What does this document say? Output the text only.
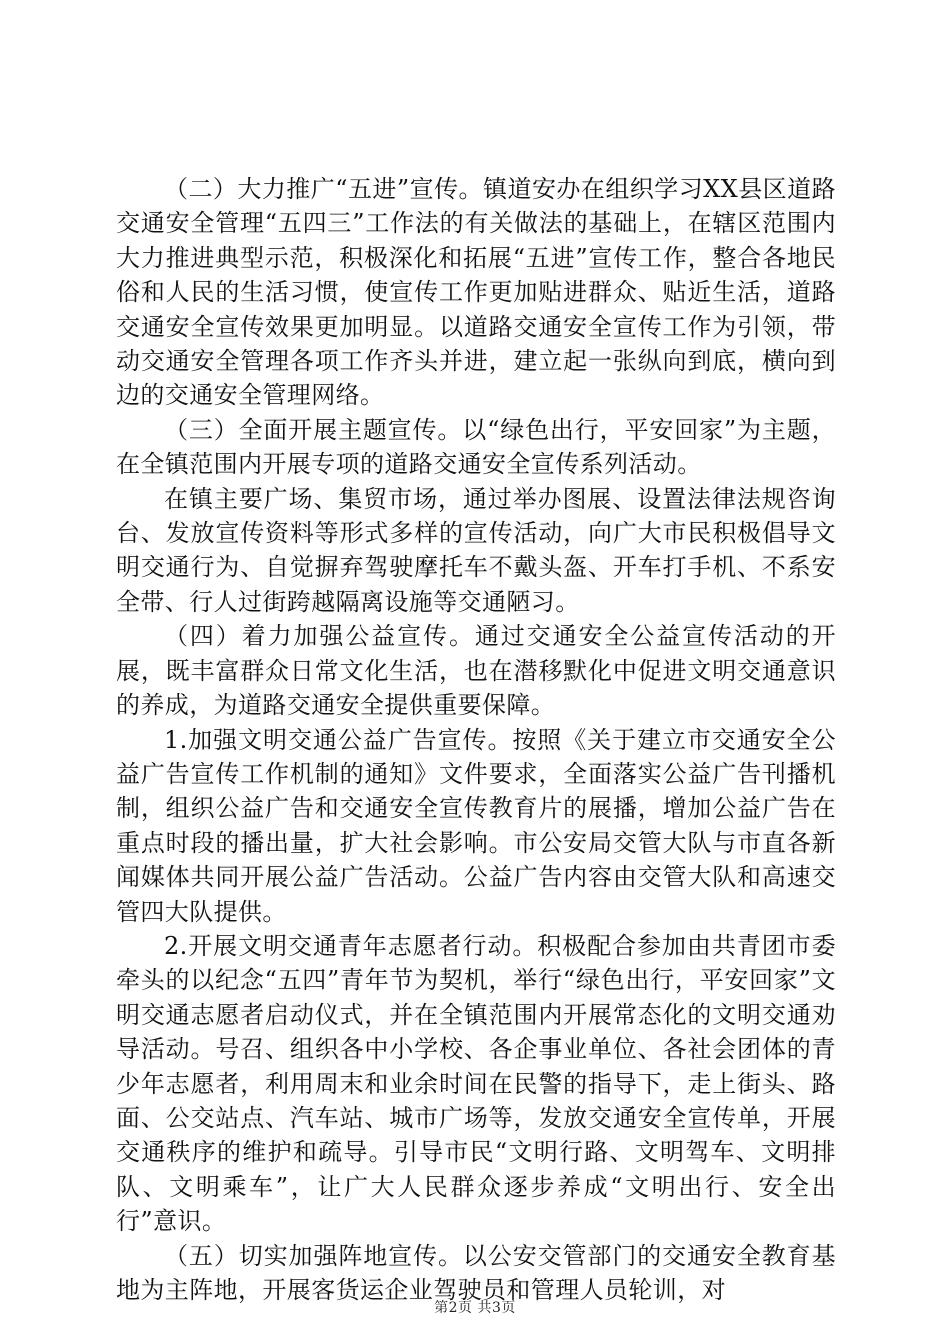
（二）大力推广“五进”宣传。镇道安办在组织学习XX县区道路交通安全管理“五四三”工作法的有关做法的基础上，在辖区范围内大力推进典型示范，积极深化和拓展“五进”宣传工作，整合各地民俗和人民的生活习惯，使宣传工作更加贴进群众、贴近生活，道路交通安全宣传效果更加明显。以道路交通安全宣传工作为引领，带动交通安全管理各项工作齐头并进，建立起一张纵向到底，横向到边的交通安全管理网络。

（三）全面开展主题宣传。以“绿色出行，平安回家”为主题，在全镇范围内开展专项的道路交通安全宣传系列活动。

在镇主要广场、集贸市场，通过举办图展、设置法律法规咨询台、发放宣传资料等形式多样的宣传活动，向广大市民积极倡导文明交通行为、自觉摒弃驾驶摩托车不戴头盔、开车打手机、不系安全带、行人过街跨越隔离设施等交通陋习。

（四）着力加强公益宣传。通过交通安全公益宣传活动的开展，既丰富群众日常文化生活，也在潜移默化中促进文明交通意识的养成，为道路交通安全提供重要保障。

1.加强文明交通公益广告宣传。按照《关于建立市交通安全公益广告宣传工作机制的通知》文件要求，全面落实公益广告刊播机制，组织公益广告和交通安全宣传教育片的展播，增加公益广告在重点时段的播出量，扩大社会影响。市公安局交管大队与市直各新闻媒体共同开展公益广告活动。公益广告内容由交管大队和高速交管四大队提供。

2.开展文明交通青年志愿者行动。积极配合参加由共青团市委牵头的以纪念“五四”青年节为契机，举行“绿色出行，平安回家”文明交通志愿者启动仪式，并在全镇范围内开展常态化的文明交通劝导活动。号召、组织各中小学校、各企事业单位、各社会团体的青少年志愿者，利用周末和业余时间在民警的指导下，走上街头、路面、公交站点、汽车站、城市广场等，发放交通安全宣传单，开展交通秩序的维护和疏导。引导市民“文明行路、文明驾车、文明排队、文明乘车”，让广大人民群众逐步养成“文明出行、安全出行”意识。

（五）切实加强阵地宣传。以公安交管部门的交通安全教育基地为主阵地，开展客货运企业驾驶员和管理人员轮训，对

第2页 共3页
